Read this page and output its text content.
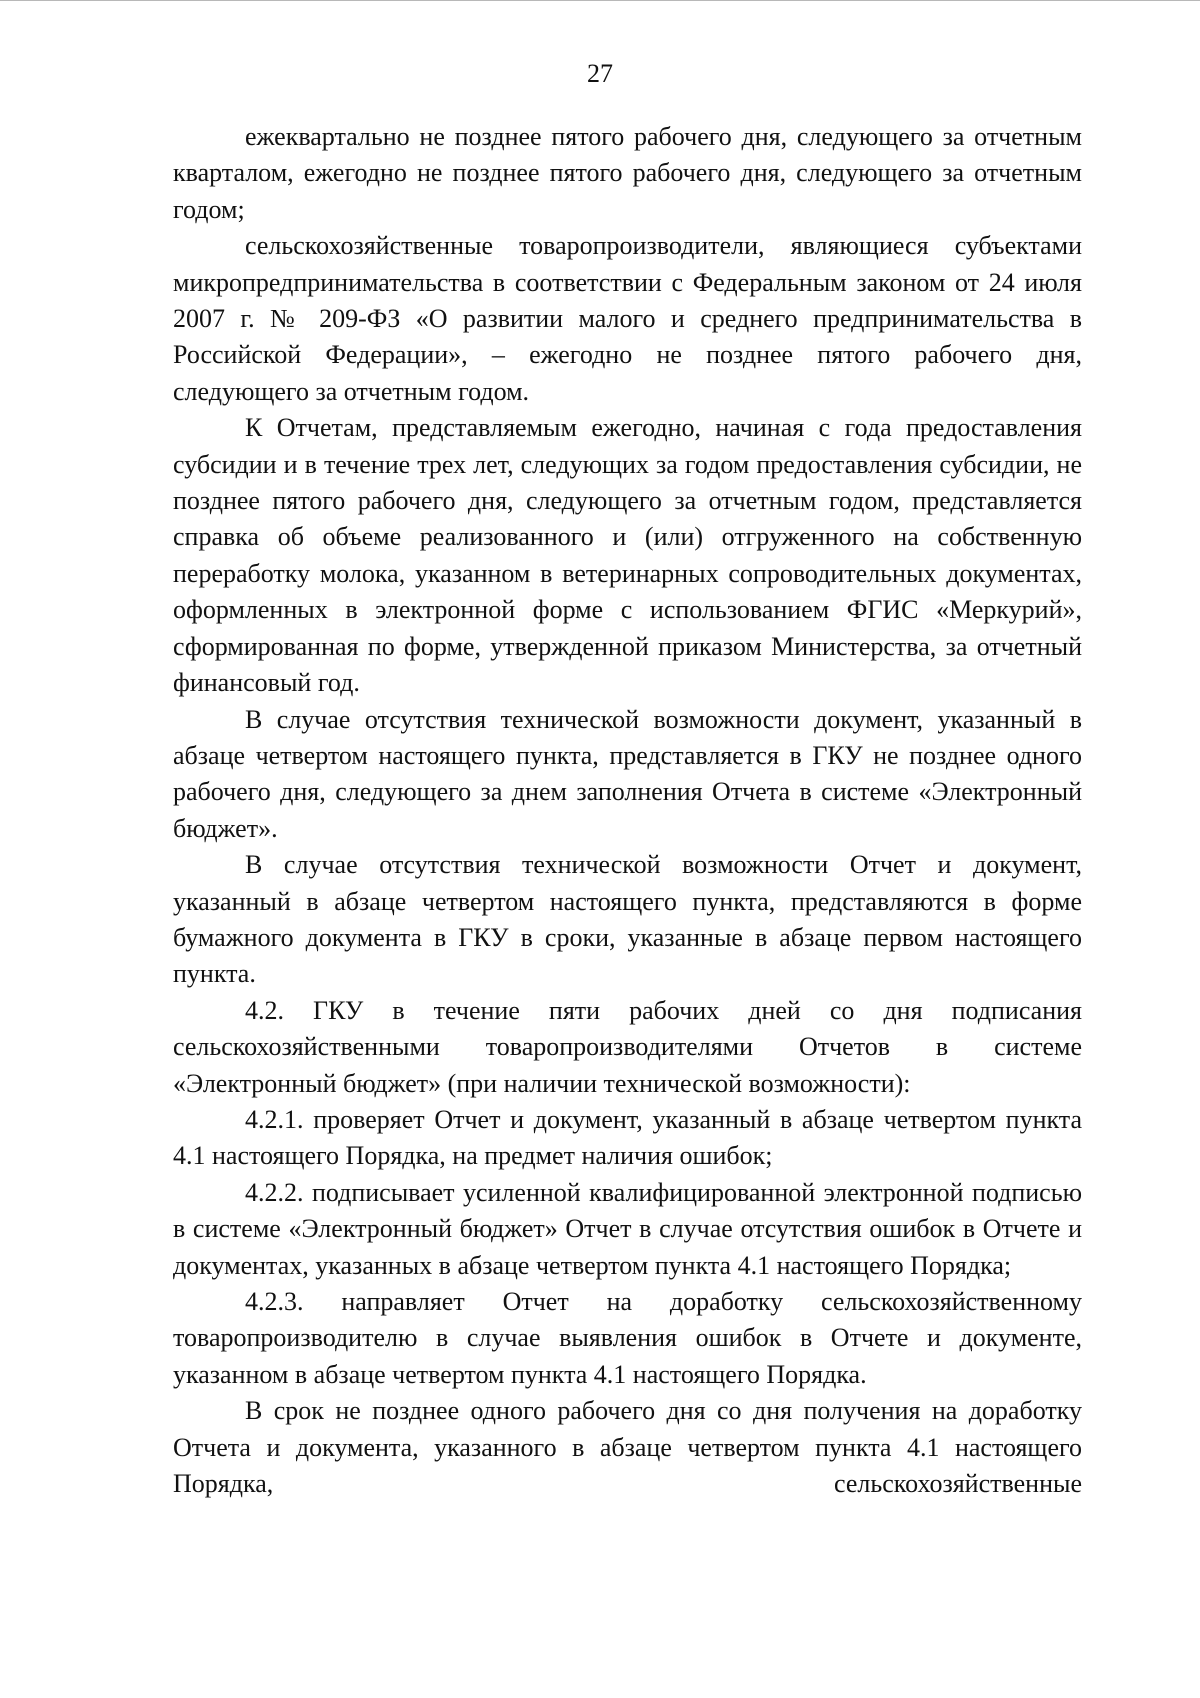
27

ежеквартально не позднее пятого рабочего дня, следующего за отчетным кварталом, ежегодно не позднее пятого рабочего дня, следующего за отчетным годом;

сельскохозяйственные товаропроизводители, являющиеся субъектами микропредпринимательства в соответствии с Федеральным законом от 24 июля 2007 г. № 209-ФЗ «О развитии малого и среднего предпринимательства в Российской Федерации», – ежегодно не позднее пятого рабочего дня, следующего за отчетным годом.

К Отчетам, представляемым ежегодно, начиная с года предоставления субсидии и в течение трех лет, следующих за годом предоставления субсидии, не позднее пятого рабочего дня, следующего за отчетным годом, представляется справка об объеме реализованного и (или) отгруженного на собственную переработку молока, указанном в ветеринарных сопроводительных документах, оформленных в электронной форме с использованием ФГИС «Меркурий», сформированная по форме, утвержденной приказом Министерства, за отчетный финансовый год.

В случае отсутствия технической возможности документ, указанный в абзаце четвертом настоящего пункта, представляется в ГКУ не позднее одного рабочего дня, следующего за днем заполнения Отчета в системе «Электронный бюджет».

В случае отсутствия технической возможности Отчет и документ, указанный в абзаце четвертом настоящего пункта, представляются в форме бумажного документа в ГКУ в сроки, указанные в абзаце первом настоящего пункта.

4.2. ГКУ в течение пяти рабочих дней со дня подписания сельскохозяйственными товаропроизводителями Отчетов в системе «Электронный бюджет» (при наличии технической возможности):

4.2.1. проверяет Отчет и документ, указанный в абзаце четвертом пункта 4.1 настоящего Порядка, на предмет наличия ошибок;

4.2.2. подписывает усиленной квалифицированной электронной подписью в системе «Электронный бюджет» Отчет в случае отсутствия ошибок в Отчете и документах, указанных в абзаце четвертом пункта 4.1 настоящего Порядка;

4.2.3. направляет Отчет на доработку сельскохозяйственному товаропроизводителю в случае выявления ошибок в Отчете и документе, указанном в абзаце четвертом пункта 4.1 настоящего Порядка.

В срок не позднее одного рабочего дня со дня получения на доработку Отчета и документа, указанного в абзаце четвертом пункта 4.1 настоящего Порядка, сельскохозяйственные
